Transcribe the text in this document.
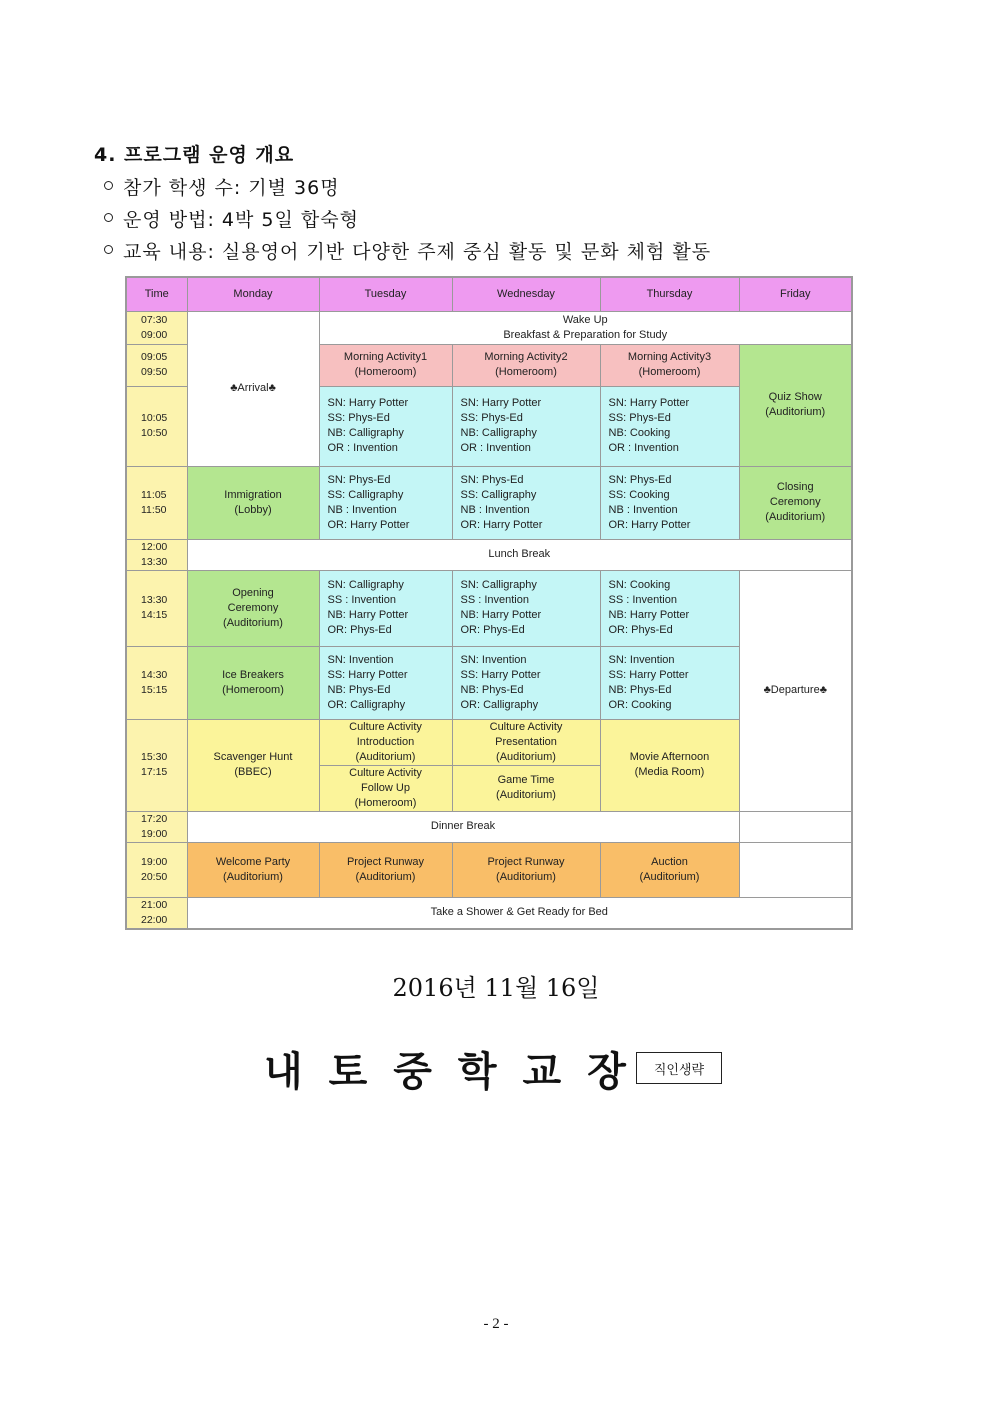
4. 프로그램 운영 개요
참가 학생 수: 기별 36명
운영 방법: 4박 5일 합숙형
교육 내용: 실용영어 기반 다양한 주제 중심 활동 및 문화 체험 활동
Time	Monday	Tuesday	Wednesday	Thursday	Friday

07:30
09:00	♣Arrival♣	Wake Up
Breakfast & Preparation for Study			

09:05
09:50		Morning Activity1
(Homeroom)	Morning Activity2
(Homeroom)	Morning Activity3
(Homeroom)	Quiz Show
(Auditorium)

10:05
10:50		SN: Harry Potter
SS: Phys-Ed
NB: Calligraphy
OR : Invention	SN: Harry Potter
SS: Phys-Ed
NB: Calligraphy
OR : Invention	SN: Harry Potter
SS: Phys-Ed
NB: Cooking
OR : Invention	

11:05
11:50	Immigration
(Lobby)	SN: Phys-Ed
SS: Calligraphy
NB : Invention
OR: Harry Potter	SN: Phys-Ed
SS: Calligraphy
NB : Invention
OR: Harry Potter	SN: Phys-Ed
SS: Cooking
NB : Invention
OR: Harry Potter	Closing
Ceremony
(Auditorium)

12:00
13:30	Lunch Break				

13:30
14:15	Opening
Ceremony
(Auditorium)	SN: Calligraphy
SS : Invention
NB: Harry Potter
OR: Phys-Ed	SN: Calligraphy
SS : Invention
NB: Harry Potter
OR: Phys-Ed	SN: Cooking
SS : Invention
NB: Harry Potter
OR: Phys-Ed	♣Departure♣

14:30
15:15	Ice Breakers
(Homeroom)	SN: Invention
SS: Harry Potter
NB: Phys-Ed
OR: Calligraphy	SN: Invention
SS: Harry Potter
NB: Phys-Ed
OR: Calligraphy	SN: Invention
SS: Harry Potter
NB: Phys-Ed
OR: Cooking	

15:30
17:15	Scavenger Hunt
(BBEC)	Culture Activity
Introduction
(Auditorium)	Culture Activity
Presentation
(Auditorium)	Movie Afternoon
(Media Room)	

		Culture Activity
Follow Up
(Homeroom)	Game Time
(Auditorium)		

17:20
19:00	Dinner Break				

19:00
20:50	Welcome Party
(Auditorium)	Project Runway
(Auditorium)	Project Runway
(Auditorium)	Auction
(Auditorium)	

21:00
22:00	Take a Shower & Get Ready for Bed				
2016년 11월 16일
내토중학교장 직인생략
- 2 -
